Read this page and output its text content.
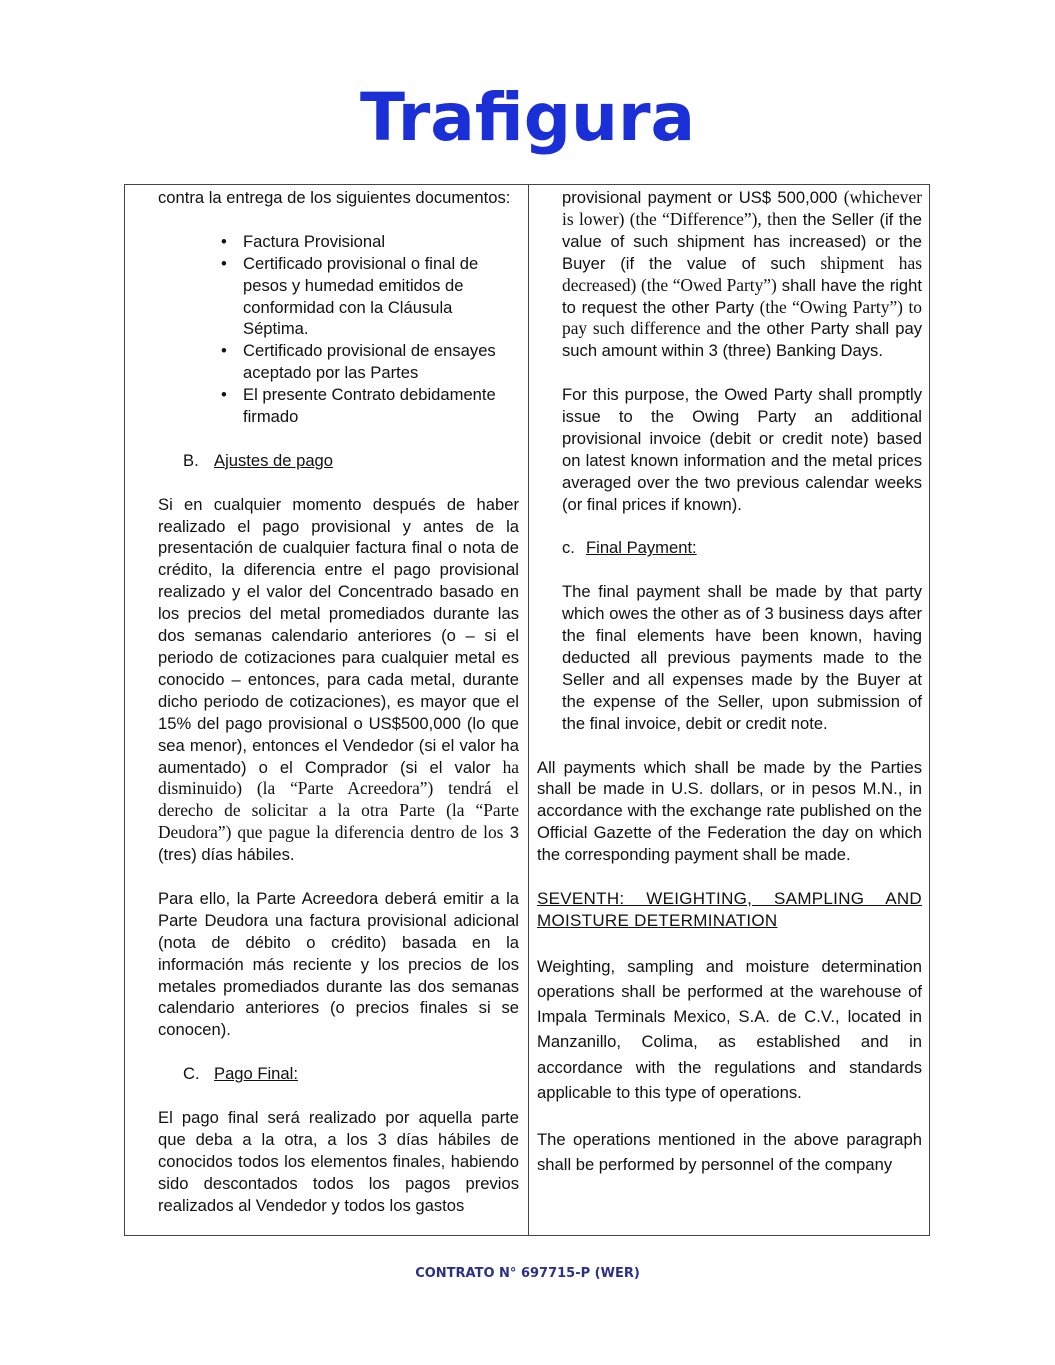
Trafigura

contra la entrega de los siguientes documentos:

• Factura Provisional
• Certificado provisional o final de pesos y humedad emitidos de conformidad con la Cláusula Séptima.
• Certificado provisional de ensayes aceptado por las Partes
• El presente Contrato debidamente firmado

B. Ajustes de pago

Si en cualquier momento después de haber realizado el pago provisional y antes de la presentación de cualquier factura final o nota de crédito, la diferencia entre el pago provisional realizado y el valor del Concentrado basado en los precios del metal promediados durante las dos semanas calendario anteriores (o – si el periodo de cotizaciones para cualquier metal es conocido – entonces, para cada metal, durante dicho periodo de cotizaciones), es mayor que el 15% del pago provisional o US$500,000 (lo que sea menor), entonces el Vendedor (si el valor ha aumentado) o el Comprador (si el valor ha disminuido) (la “Parte Acreedora”) tendrá el derecho de solicitar a la otra Parte (la “Parte Deudora”) que pague la diferencia dentro de los 3 (tres) días hábiles.

Para ello, la Parte Acreedora deberá emitir a la Parte Deudora una factura provisional adicional (nota de débito o crédito) basada en la información más reciente y los precios de los metales promediados durante las dos semanas calendario anteriores (o precios finales si se conocen).

C. Pago Final:

El pago final será realizado por aquella parte que deba a la otra, a los 3 días hábiles de conocidos todos los elementos finales, habiendo sido descontados todos los pagos previos realizados al Vendedor y todos los gastos

provisional payment or US$ 500,000 (whichever is lower) (the “Difference”), then the Seller (if the value of such shipment has increased) or the Buyer (if the value of such shipment has decreased) (the “Owed Party”) shall have the right to request the other Party (the “Owing Party”) to pay such difference and the other Party shall pay such amount within 3 (three) Banking Days.

For this purpose, the Owed Party shall promptly issue to the Owing Party an additional provisional invoice (debit or credit note) based on latest known information and the metal prices averaged over the two previous calendar weeks (or final prices if known).

c. Final Payment:

The final payment shall be made by that party which owes the other as of 3 business days after the final elements have been known, having deducted all previous payments made to the Seller and all expenses made by the Buyer at the expense of the Seller, upon submission of the final invoice, debit or credit note.

All payments which shall be made by the Parties shall be made in U.S. dollars, or in pesos M.N., in accordance with the exchange rate published on the Official Gazette of the Federation the day on which the corresponding payment shall be made.

SEVENTH: WEIGHTING, SAMPLING AND MOISTURE DETERMINATION

Weighting, sampling and moisture determination operations shall be performed at the warehouse of Impala Terminals Mexico, S.A. de C.V., located in Manzanillo, Colima, as established and in accordance with the regulations and standards applicable to this type of operations.

The operations mentioned in the above paragraph shall be performed by personnel of the company

CONTRATO N° 697715-P (WER)
